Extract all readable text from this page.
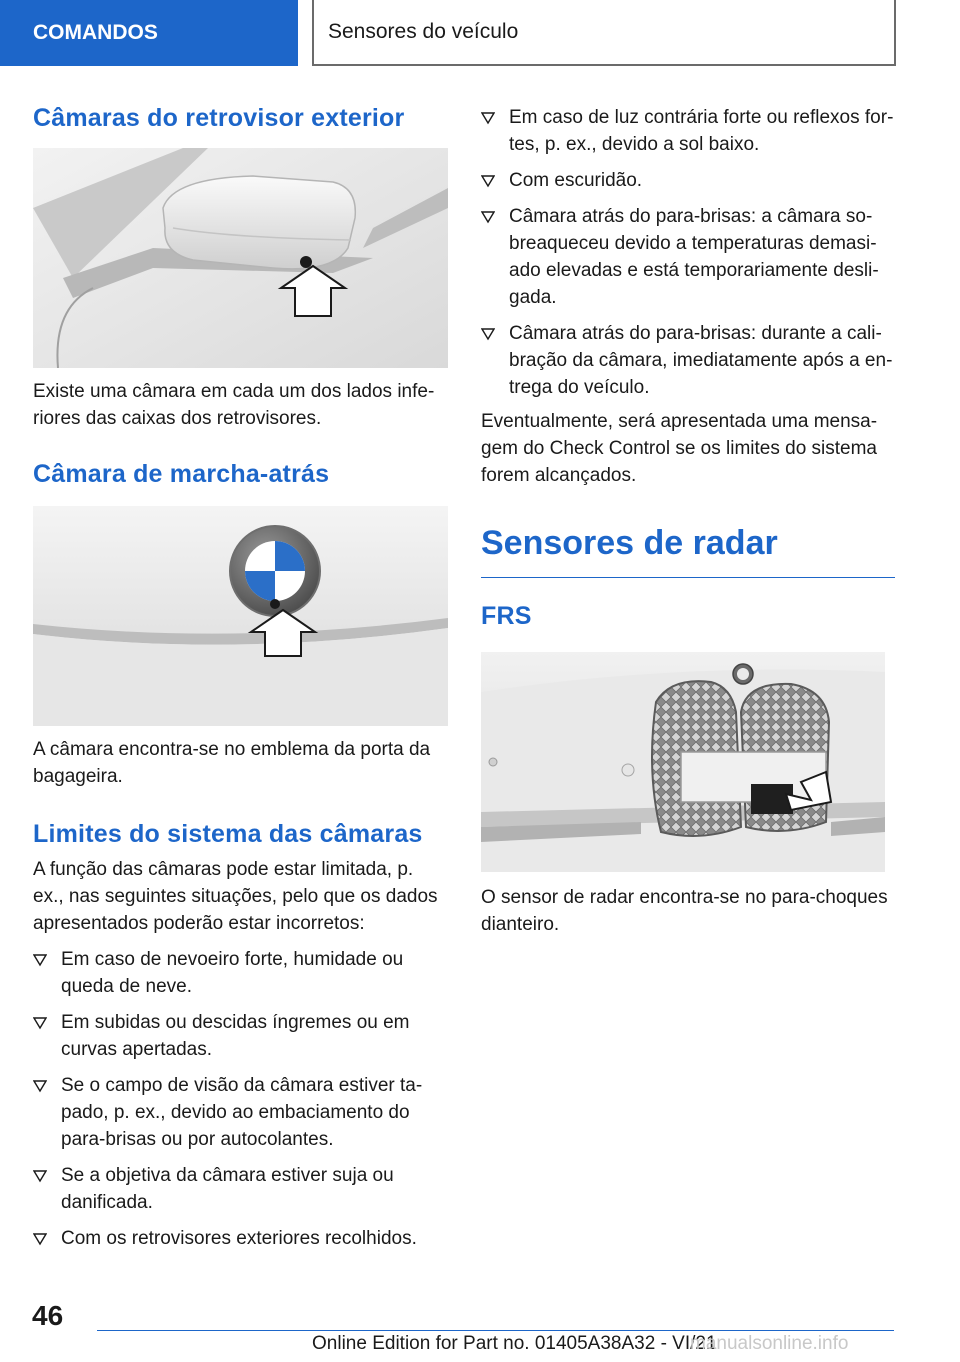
COMANDOS	Sensores do veículo
Câmaras do retrovisor exterior

Existe uma câmara em cada um dos lados inferiores das caixas dos retrovisores.

Câmara de marcha-atrás

A câmara encontra-se no emblema da porta da bagageira.

Limites do sistema das câmaras

A função das câmaras pode estar limitada, p. ex., nas seguintes situações, pelo que os dados apresentados poderão estar incorretos:

Em caso de nevoeiro forte, humidade ou queda de neve.
Em subidas ou descidas íngremes ou em curvas apertadas.
Se o campo de visão da câmara estiver tapado, p. ex., devido ao embaciamento do para-brisas ou por autocolantes.
Se a objetiva da câmara estiver suja ou danificada.
Com os retrovisores exteriores recolhidos.
Em caso de luz contrária forte ou reflexos fortes, p. ex., devido a sol baixo.
Com escuridão.
Câmara atrás do para-brisas: a câmara sobreaqueceu devido a temperaturas demasiado elevadas e está temporariamente desligada.
Câmara atrás do para-brisas: durante a calibração da câmara, imediatamente após a entrega do veículo.

Eventualmente, será apresentada uma mensagem do Check Control se os limites do sistema forem alcançados.

Sensores de radar
FRS

O sensor de radar encontra-se no para-choques dianteiro.

46
Online Edition for Part no. 01405A38A32 - VI/21
manualsonline.info
